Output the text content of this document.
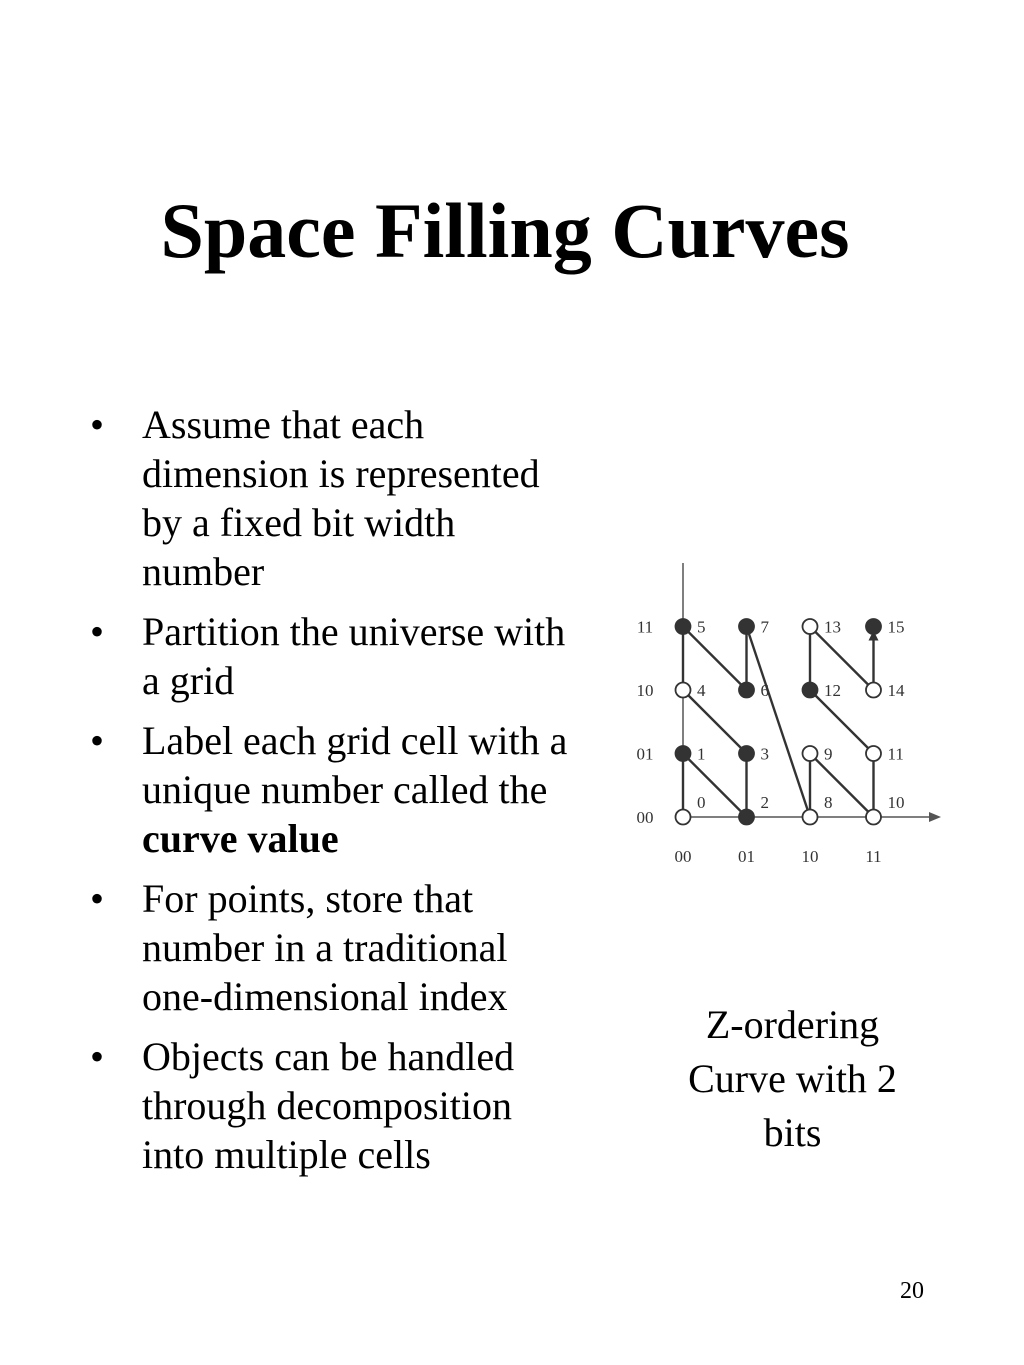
Space Filling Curves
• Assume that each dimension is represented by a fixed bit width number
• Partition the universe with a grid
• Label each grid cell with a unique number called the curve value
• For points, store that number in a traditional one-dimensional index
• Objects can be handled through decomposition into multiple cells
0
1
2
3
4
5
6
7
8
9
10
11
12
13
14
15
00	01	10	11
00
01
10
11
Z-ordering Curve with 2 bits
20
